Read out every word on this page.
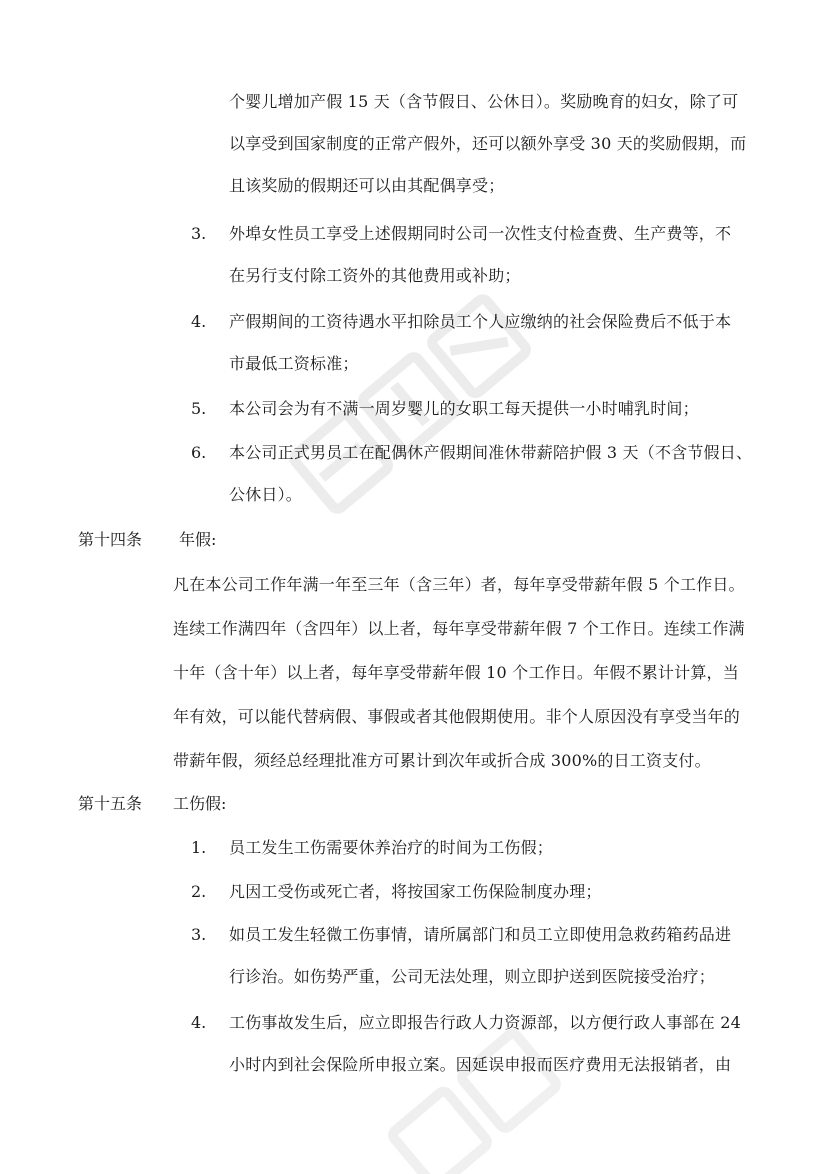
个婴儿增加产假 15 天（含节假日、公休日）。奖励晚育的妇女，除了可
以享受到国家制度的正常产假外，还可以额外享受 30 天的奖励假期，而
且该奖励的假期还可以由其配偶享受；
3. 外埠女性员工享受上述假期同时公司一次性支付检查费、生产费等，不
在另行支付除工资外的其他费用或补助；
4. 产假期间的工资待遇水平扣除员工个人应缴纳的社会保险费后不低于本
市最低工资标准；
5. 本公司会为有不满一周岁婴儿的女职工每天提供一小时哺乳时间；
6. 本公司正式男员工在配偶休产假期间准休带薪陪护假 3 天（不含节假日、
公休日）。
第十四条 年假:
凡在本公司工作年满一年至三年（含三年）者，每年享受带薪年假 5 个工作日。
连续工作满四年（含四年）以上者，每年享受带薪年假 7 个工作日。连续工作满
十年（含十年）以上者，每年享受带薪年假 10 个工作日。年假不累计计算，当
年有效，可以能代替病假、事假或者其他假期使用。非个人原因没有享受当年的
带薪年假，须经总经理批准方可累计到次年或折合成 300%的日工资支付。
第十五条 工伤假:
1. 员工发生工伤需要休养治疗的时间为工伤假；
2. 凡因工受伤或死亡者，将按国家工伤保险制度办理；
3. 如员工发生轻微工伤事情，请所属部门和员工立即使用急救药箱药品进
行诊治。如伤势严重，公司无法处理，则立即护送到医院接受治疗；
4. 工伤事故发生后，应立即报告行政人力资源部，以方便行政人事部在 24
小时内到社会保险所申报立案。因延误申报而医疗费用无法报销者，由
